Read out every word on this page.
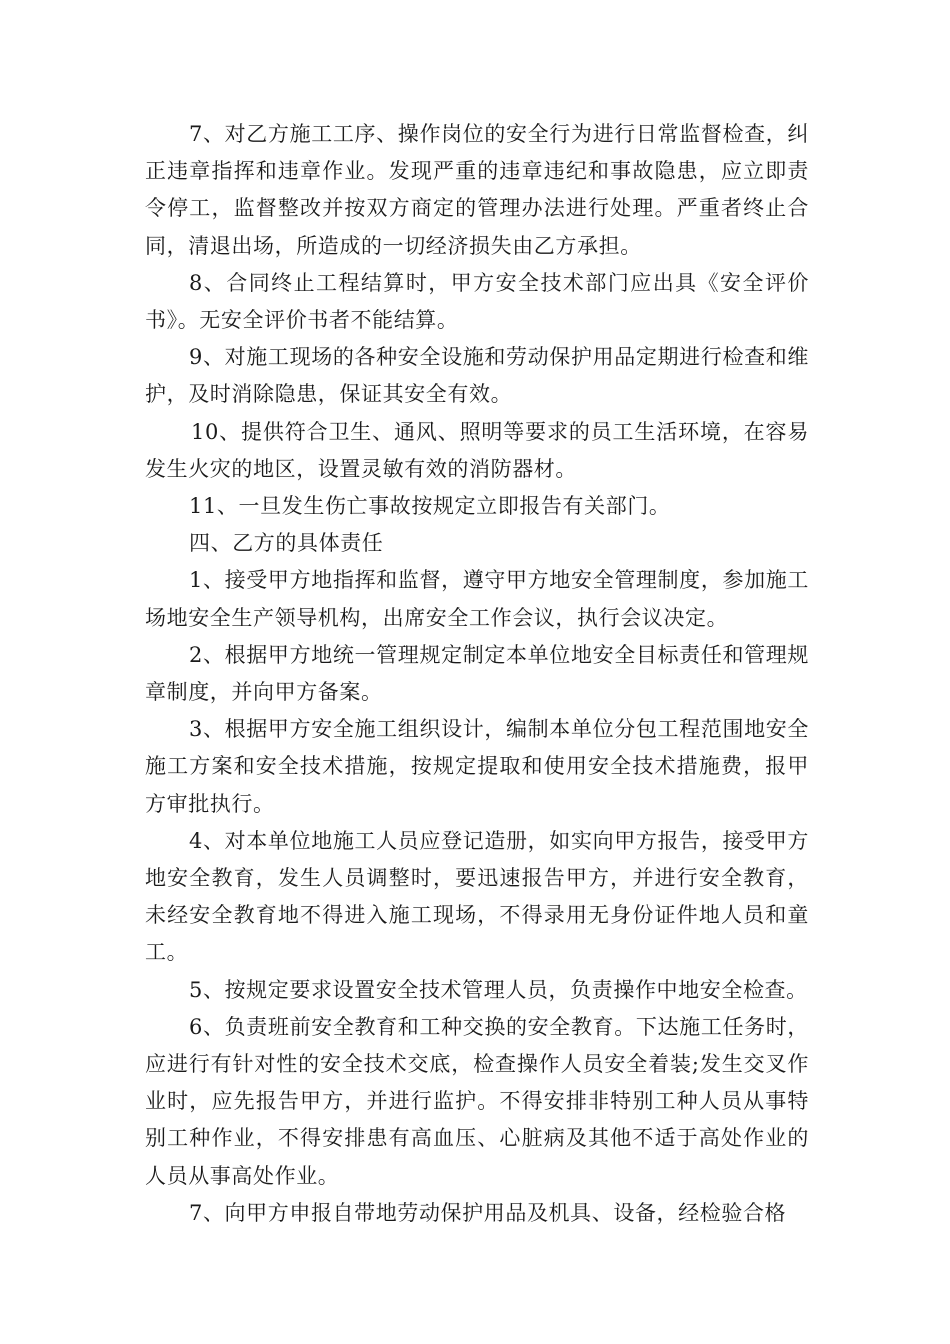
7、对乙方施工工序、操作岗位的安全行为进行日常监督检查，纠正违章指挥和违章作业。发现严重的违章违纪和事故隐患，应立即责令停工，监督整改并按双方商定的管理办法进行处理。严重者终止合同，清退出场，所造成的一切经济损失由乙方承担。

8、合同终止工程结算时，甲方安全技术部门应出具《安全评价书》。无安全评价书者不能结算。

9、对施工现场的各种安全设施和劳动保护用品定期进行检查和维护，及时消除隐患，保证其安全有效。

10、提供符合卫生、通风、照明等要求的员工生活环境，在容易发生火灾的地区，设置灵敏有效的消防器材。

11、一旦发生伤亡事故按规定立即报告有关部门。

四、乙方的具体责任

1、接受甲方地指挥和监督，遵守甲方地安全管理制度，参加施工场地安全生产领导机构，出席安全工作会议，执行会议决定。

2、根据甲方地统一管理规定制定本单位地安全目标责任和管理规章制度，并向甲方备案。

3、根据甲方安全施工组织设计，编制本单位分包工程范围地安全施工方案和安全技术措施，按规定提取和使用安全技术措施费，报甲方审批执行。

4、对本单位地施工人员应登记造册，如实向甲方报告，接受甲方地安全教育，发生人员调整时，要迅速报告甲方，并进行安全教育，未经安全教育地不得进入施工现场，不得录用无身份证件地人员和童工。

5、按规定要求设置安全技术管理人员，负责操作中地安全检查。

6、负责班前安全教育和工种交换的安全教育。下达施工任务时，应进行有针对性的安全技术交底，检查操作人员安全着装;发生交叉作业时，应先报告甲方，并进行监护。不得安排非特别工种人员从事特别工种作业，不得安排患有高血压、心脏病及其他不适于高处作业的人员从事高处作业。

7、向甲方申报自带地劳动保护用品及机具、设备，经检验合格
